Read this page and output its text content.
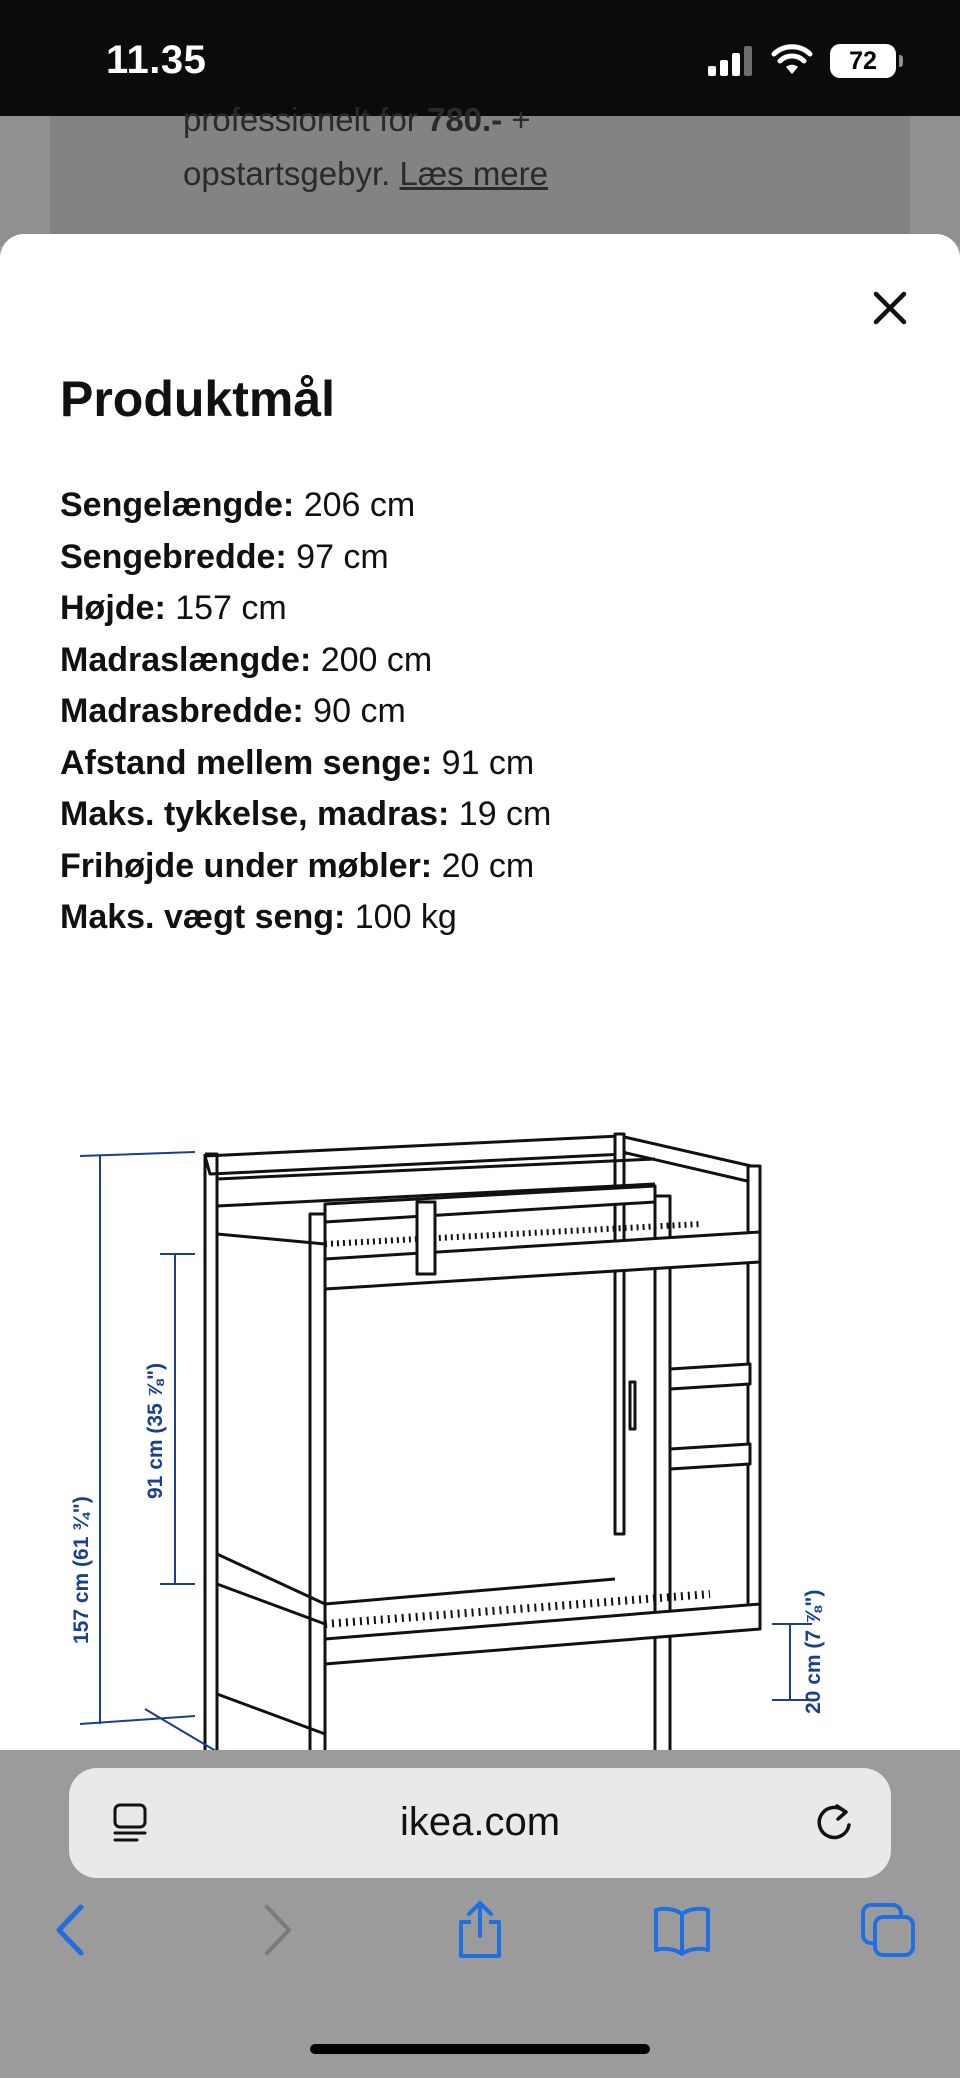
11.35	72
professionelt for 780.- +
opstartsgebyr. Læs mere
Produktmål
Sengelængde: 206 cm
Sengebredde: 97 cm
Højde: 157 cm
Madraslængde: 200 cm
Madrasbredde: 90 cm
Afstand mellem senge: 91 cm
Maks. tykkelse, madras: 19 cm
Frihøjde under møbler: 20 cm
Maks. vægt seng: 100 kg
157 cm (61 ¾")
91 cm (35 ⅞")
20 cm (7 ⅞")
ikea.com
